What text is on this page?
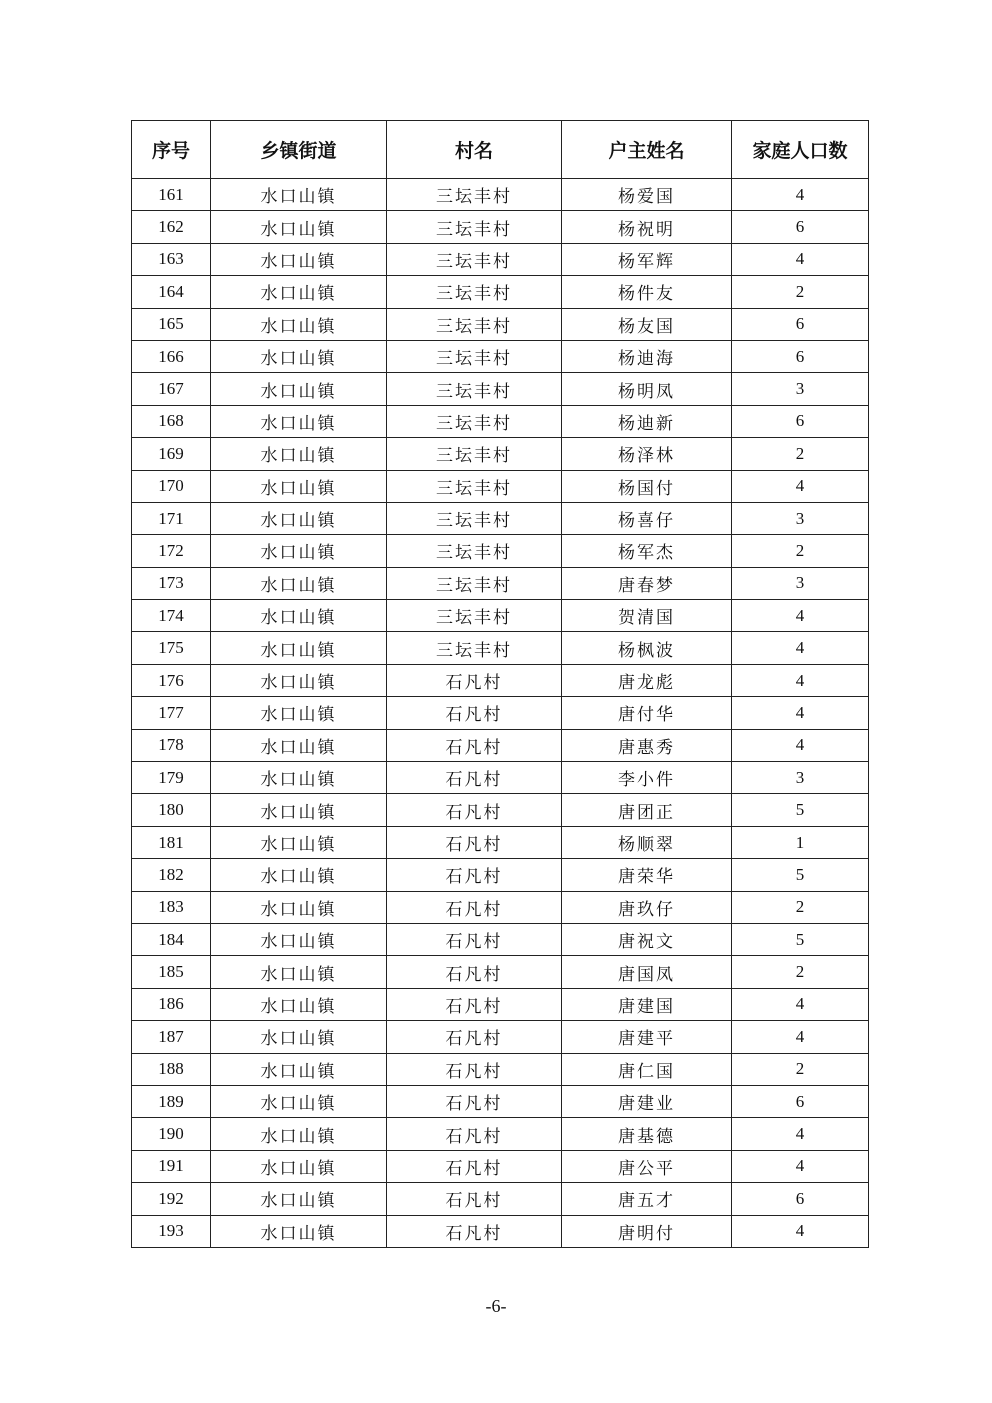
序号	乡镇街道	村名	户主姓名	家庭人口数
161	水口山镇	三坛丰村	杨爱国	4
162	水口山镇	三坛丰村	杨祝明	6
163	水口山镇	三坛丰村	杨军辉	4
164	水口山镇	三坛丰村	杨件友	2
165	水口山镇	三坛丰村	杨友国	6
166	水口山镇	三坛丰村	杨迪海	6
167	水口山镇	三坛丰村	杨明凤	3
168	水口山镇	三坛丰村	杨迪新	6
169	水口山镇	三坛丰村	杨泽林	2
170	水口山镇	三坛丰村	杨国付	4
171	水口山镇	三坛丰村	杨喜仔	3
172	水口山镇	三坛丰村	杨军杰	2
173	水口山镇	三坛丰村	唐春梦	3
174	水口山镇	三坛丰村	贺清国	4
175	水口山镇	三坛丰村	杨枫波	4
176	水口山镇	石凡村	唐龙彪	4
177	水口山镇	石凡村	唐付华	4
178	水口山镇	石凡村	唐惠秀	4
179	水口山镇	石凡村	李小件	3
180	水口山镇	石凡村	唐团正	5
181	水口山镇	石凡村	杨顺翠	1
182	水口山镇	石凡村	唐荣华	5
183	水口山镇	石凡村	唐玖仔	2
184	水口山镇	石凡村	唐祝文	5
185	水口山镇	石凡村	唐国凤	2
186	水口山镇	石凡村	唐建国	4
187	水口山镇	石凡村	唐建平	4
188	水口山镇	石凡村	唐仁国	2
189	水口山镇	石凡村	唐建业	6
190	水口山镇	石凡村	唐基德	4
191	水口山镇	石凡村	唐公平	4
192	水口山镇	石凡村	唐五才	6
193	水口山镇	石凡村	唐明付	4
-6-
